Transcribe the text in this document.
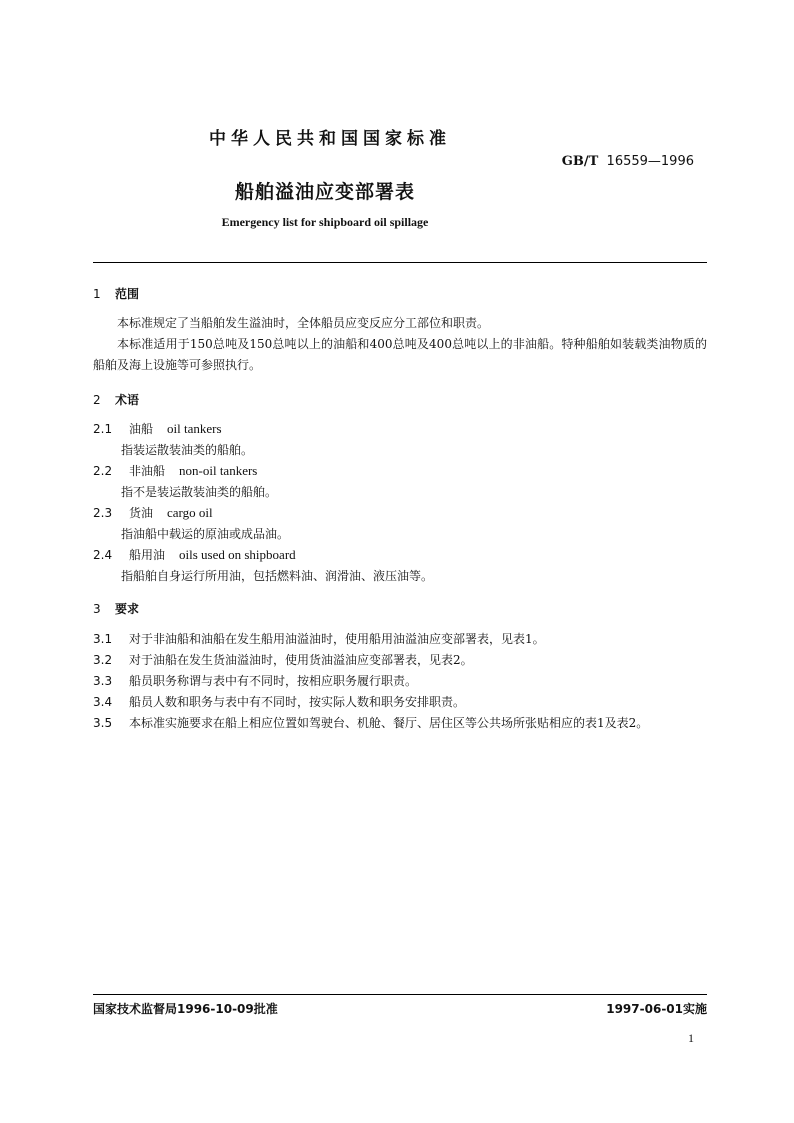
中华人民共和国国家标准
GB/T 16559—1996
船舶溢油应变部署表
Emergency list for shipboard oil spillage
1 范围
本标准规定了当船舶发生溢油时，全体船员应变反应分工部位和职责。
本标准适用于150总吨及150总吨以上的油船和400总吨及400总吨以上的非油船。特种船舶如装载类油物质的船舶及海上设施等可参照执行。
2 术语
2.1 油船 oil tankers
指装运散装油类的船舶。
2.2 非油船 non-oil tankers
指不是装运散装油类的船舶。
2.3 货油 cargo oil
指油船中载运的原油或成品油。
2.4 船用油 oils used on shipboard
指船舶自身运行所用油，包括燃料油、润滑油、液压油等。
3 要求
3.1 对于非油船和油船在发生船用油溢油时，使用船用油溢油应变部署表，见表1。
3.2 对于油船在发生货油溢油时，使用货油溢油应变部署表，见表2。
3.3 船员职务称谓与表中有不同时，按相应职务履行职责。
3.4 船员人数和职务与表中有不同时，按实际人数和职务安排职责。
3.5 本标准实施要求在船上相应位置如驾驶台、机舱、餐厅、居住区等公共场所张贴相应的表1及表2。
国家技术监督局1996-10-09批准	1997-06-01实施
1
